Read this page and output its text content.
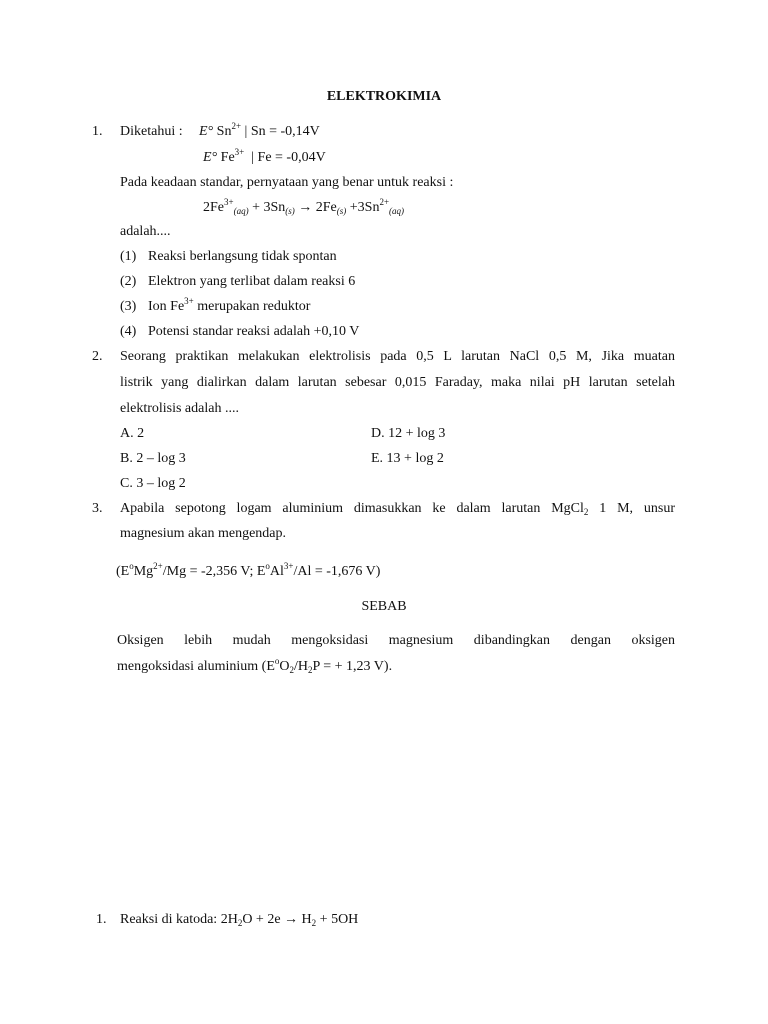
ELEKTROKIMIA
1. Diketahui : E° $Sn^{2+}$ | Sn = -0,14V
E° $Fe^{3+}$  | Fe = -0,04V
Pada keadaan standar, pernyataan yang benar untuk reaksi :
$2Fe^{3+}_{(aq)} + 3Sn_{(s)} \to 2Fe_{(s)} +3Sn^{2+}_{(aq)}$
adalah....
(1) Reaksi berlangsung tidak spontan
(2) Elektron yang terlibat dalam reaksi 6
(3) Ion $Fe^{3+}$ merupakan reduktor
(4) Potensi standar reaksi adalah +0,10 V
2. Seorang praktikan melakukan elektrolisis pada 0,5 L larutan NaCl 0,5 M, Jika muatan
listrik yang dialirkan dalam larutan sebesar 0,015 Faraday, maka nilai pH larutan setelah
elektrolisis adalah ....
A. 2	D. 12 + log 3
B. 2 – log 3	E. 13 + log 2
C. 3 – log 2
3. Apabila sepotong logam aluminium dimasukkan ke dalam larutan MgCl$_2$ 1 M, unsur
magnesium akan mengendap.
($E^oMg^{2+}/Mg = -2,356$ V; $E^oAl^{3+}/Al = -1,676$ V)
SEBAB
Oksigen lebih mudah mengoksidasi magnesium dibandingkan dengan oksigen
mengoksidasi aluminium ($E^oO_2/H_2P$ = + 1,23 V).
1. Reaksi di katoda: $2H_2O + 2e \to H_2 + 5OH$
